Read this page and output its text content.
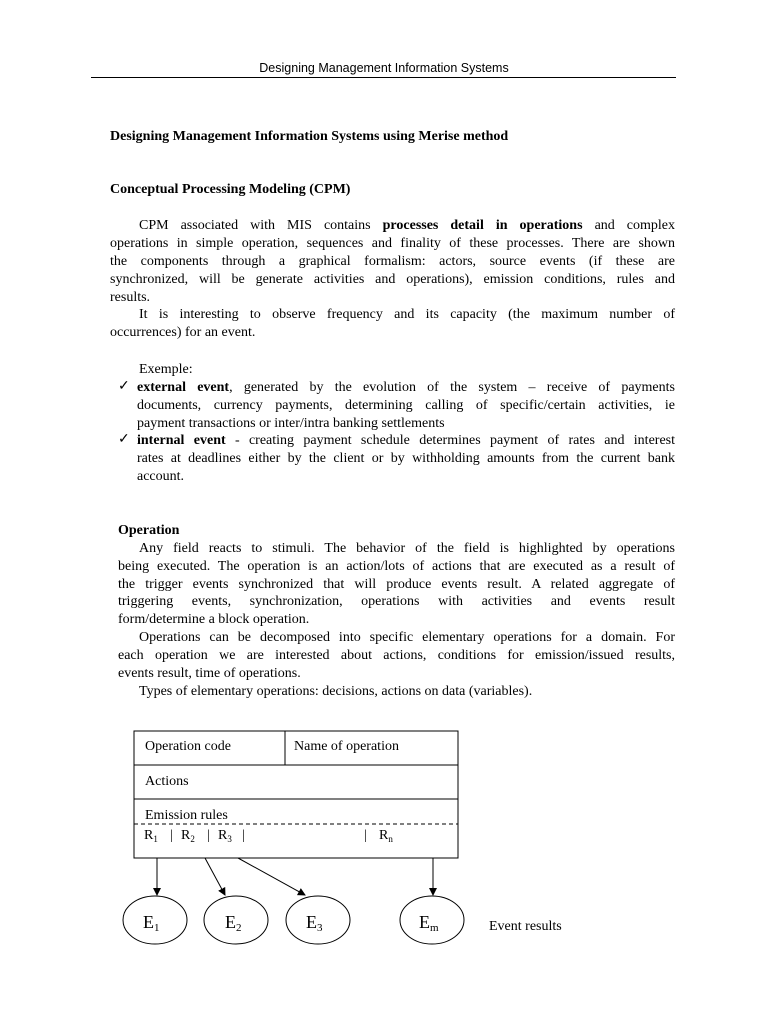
Designing Management Information Systems
Designing Management Information Systems using Merise method
Conceptual Processing Modeling (CPM)
CPM associated with MIS contains processes detail in operations and complex
operations in simple operation, sequences and finality of these processes. There are shown
the components through a graphical formalism: actors, source events (if these are
synchronized, will be generate activities and operations), emission conditions, rules and
results.
It is interesting to observe frequency and its capacity (the maximum number of
occurrences) for an event.
Exemple:
✓ external event, generated by the evolution of the system – receive of payments
documents, currency payments, determining calling of specific/certain activities, ie
payment transactions or inter/intra banking settlements
✓ internal event - creating payment schedule determines payment of rates and interest
rates at deadlines either by the client or by withholding amounts from the current bank
account.
Operation
Any field reacts to stimuli. The behavior of the field is highlighted by operations
being executed. The operation is an action/lots of actions that are executed as a result of
the trigger events synchronized that will produce events result. A related aggregate of
triggering events, synchronization, operations with activities and events result
form/determine a block operation.
Operations can be decomposed into specific elementary operations for a domain. For
each operation we are interested about actions, conditions for emission/issued results,
events result, time of operations.
Types of elementary operations: decisions, actions on data (variables).
Operation code	Name of operation
Actions
Emission rules
$R_1$ | $R_2$ | $R_3$ |	| $R_n$
E1	E2	E3	Em	Event results
